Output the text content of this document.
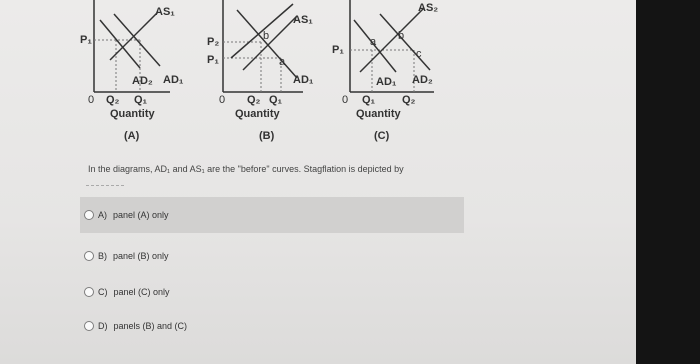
P₁
AS₁
AD₂ AD₁
0 Q₂ Q₁
Quantity
(A)
P₂
P₁
AS₁
AD₁
b
a
0 Q₂ Q₁
Quantity
(B)
P₁
AS₂
a b
c
AD₁ AD₂
0 Q₁ Q₂
Quantity
(C)
In the diagrams, AD₁ and AS₁ are the "before" curves. Stagflation is depicted by
A) panel (A) only
B) panel (B) only
C) panel (C) only
D) panels (B) and (C)
